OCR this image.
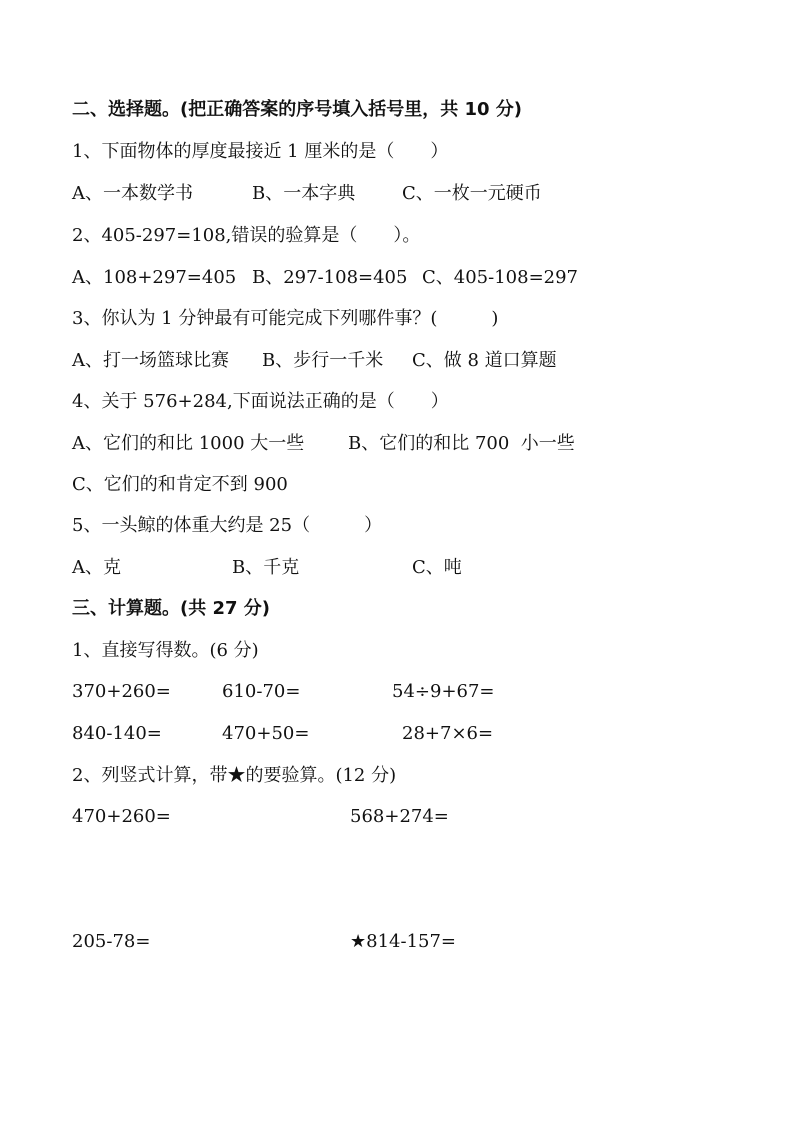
二、选择题。(把正确答案的序号填入括号里，共 10 分)
1、下面物体的厚度最接近 1 厘米的是（　　）
A、一本数学书	B、一本字典	C、一枚一元硬币
2、405-297=108,错误的验算是（　　）。
A、108+297=405 B、297-108=405 C、405-108=297
3、你认为 1 分钟最有可能完成下列哪件事？(　　　)
A、打一场篮球比赛 B、步行一千米 C、做 8 道口算题
4、关于 576+284,下面说法正确的是（　　）
A、它们的和比 1000 大一些 B、它们的和比 700  小一些
C、它们的和肯定不到 900
5、一头鲸的体重大约是 25（　　　）
A、克	B、千克	C、吨
三、计算题。(共 27 分)
1、直接写得数。(6 分)
370+260=	610-70=	54÷9+67=
840-140=	470+50=	28+7×6=
2、列竖式计算，带★的要验算。(12 分)
470+260=	568+274=
205-78=	★814-157=
